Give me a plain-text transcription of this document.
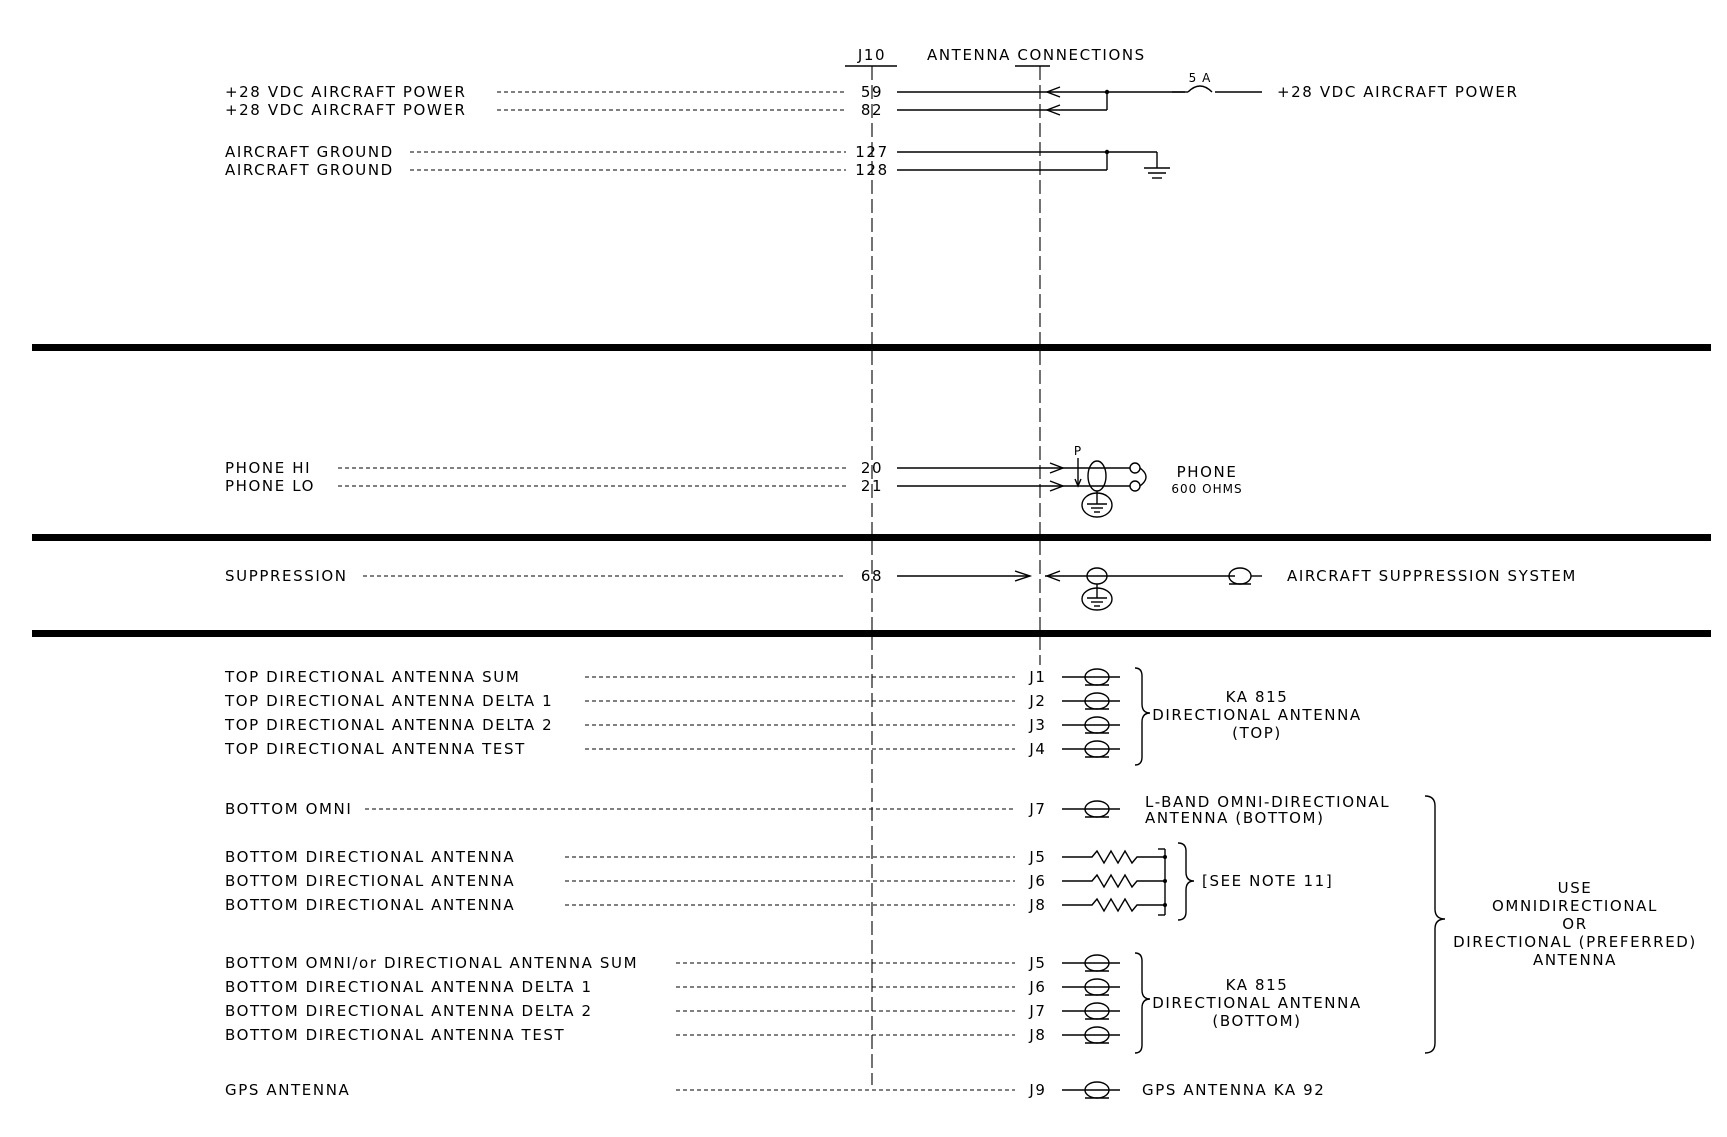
J10	ANTENNA CONNECTIONS
+28 VDC AIRCRAFT POWER	59
+28 VDC AIRCRAFT POWER	82
5 A
+28 VDC AIRCRAFT POWER
AIRCRAFT GROUND	127
AIRCRAFT GROUND	128
PHONE HI	20
PHONE LO	21
P
PHONE
600 OHMS
SUPPRESSION	68	AIRCRAFT SUPPRESSION SYSTEM
TOP DIRECTIONAL ANTENNA SUM	J1
TOP DIRECTIONAL ANTENNA DELTA 1	J2
TOP DIRECTIONAL ANTENNA DELTA 2	J3
TOP DIRECTIONAL ANTENNA TEST	J4
KA 815
DIRECTIONAL ANTENNA
(TOP)
BOTTOM OMNI	J7	L-BAND OMNI-DIRECTIONAL
ANTENNA (BOTTOM)
BOTTOM DIRECTIONAL ANTENNA	J5
BOTTOM DIRECTIONAL ANTENNA	J6
BOTTOM DIRECTIONAL ANTENNA	J8
[SEE NOTE 11]
BOTTOM OMNI/or DIRECTIONAL ANTENNA SUM	J5
BOTTOM DIRECTIONAL ANTENNA DELTA 1	J6
BOTTOM DIRECTIONAL ANTENNA DELTA 2	J7
BOTTOM DIRECTIONAL ANTENNA TEST	J8
KA 815
DIRECTIONAL ANTENNA
(BOTTOM)
USE
OMNIDIRECTIONAL
OR
DIRECTIONAL (PREFERRED)
ANTENNA
GPS ANTENNA	J9	GPS ANTENNA KA 92
